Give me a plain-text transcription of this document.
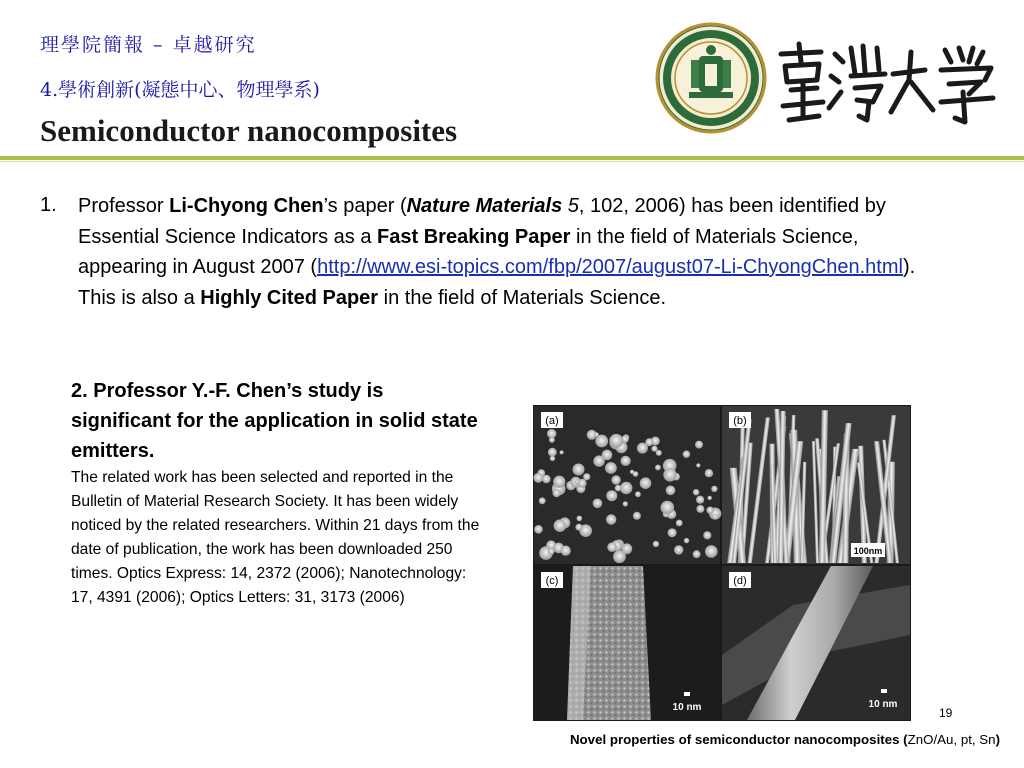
理學院簡報 – 卓越研究
4.學術創新(凝態中心、物理學系)
Semiconductor nanocomposites
1. Professor Li-Chyong Chen’s paper (Nature Materials 5, 102, 2006) has been identified by Essential Science Indicators as a Fast Breaking Paper in the field of Materials Science, appearing in August 2007 (http://www.esi-topics.com/fbp/2007/august07-Li-ChyongChen.html). This is also a Highly Cited Paper in the field of Materials Science.
2. Professor Y.-F. Chen’s study is significant for the application in solid state emitters.
The related work has been selected and reported in the Bulletin of Material Research Society. It has been widely noticed by the related researchers. Within 21 days from the date of publication, the work has been downloaded 250 times. Optics Express: 14, 2372 (2006); Nanotechnology: 17, 4391 (2006); Optics Letters: 31, 3173 (2006)
(a)	(b)
100nm
(c)
10 nm
(d)
10 nm
19
Novel properties of semiconductor nanocomposites (ZnO/Au, pt, Sn)
